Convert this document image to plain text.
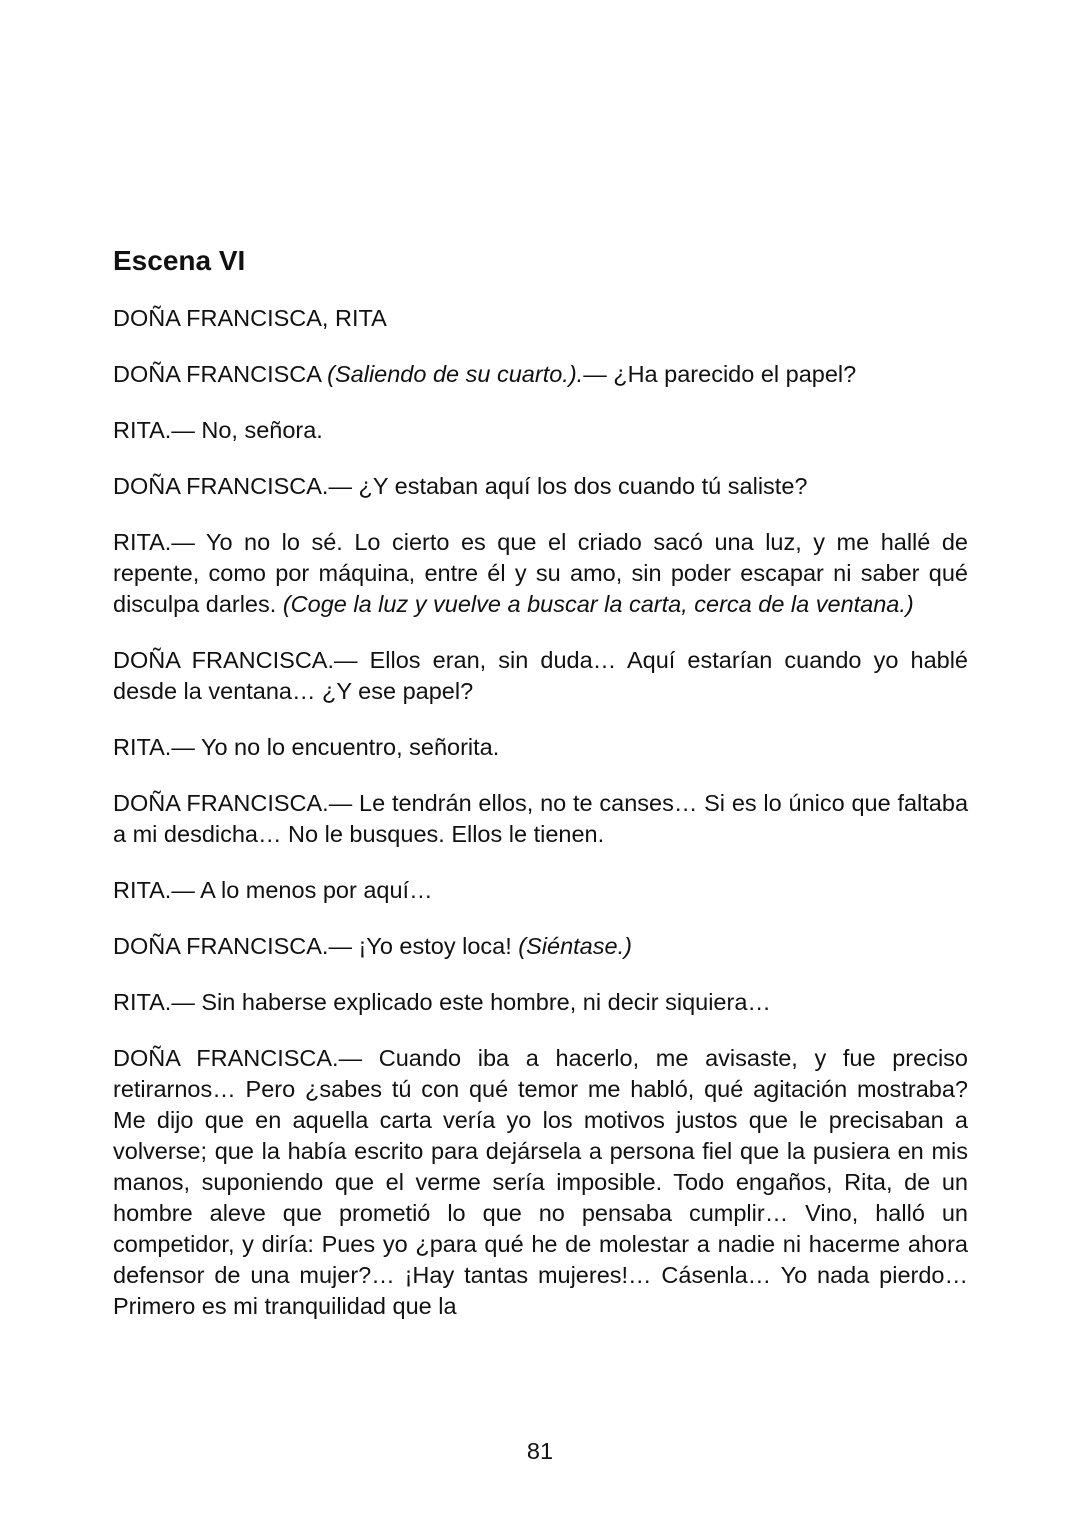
Escena VI

DOÑA FRANCISCA, RITA

DOÑA FRANCISCA (Saliendo de su cuarto.).— ¿Ha parecido el papel?

RITA.— No, señora.

DOÑA FRANCISCA.— ¿Y estaban aquí los dos cuando tú saliste?

RITA.— Yo no lo sé. Lo cierto es que el criado sacó una luz, y me hallé de repente, como por máquina, entre él y su amo, sin poder escapar ni saber qué disculpa darles. (Coge la luz y vuelve a buscar la carta, cerca de la ventana.)

DOÑA FRANCISCA.— Ellos eran, sin duda… Aquí estarían cuando yo hablé desde la ventana… ¿Y ese papel?

RITA.— Yo no lo encuentro, señorita.

DOÑA FRANCISCA.— Le tendrán ellos, no te canses… Si es lo único que faltaba a mi desdicha… No le busques. Ellos le tienen.

RITA.— A lo menos por aquí…

DOÑA FRANCISCA.— ¡Yo estoy loca! (Siéntase.)

RITA.— Sin haberse explicado este hombre, ni decir siquiera…

DOÑA FRANCISCA.— Cuando iba a hacerlo, me avisaste, y fue preciso retirarnos… Pero ¿sabes tú con qué temor me habló, qué agitación mostraba? Me dijo que en aquella carta vería yo los motivos justos que le precisaban a volverse; que la había escrito para dejársela a persona fiel que la pusiera en mis manos, suponiendo que el verme sería imposible. Todo engaños, Rita, de un hombre aleve que prometió lo que no pensaba cumplir… Vino, halló un competidor, y diría: Pues yo ¿para qué he de molestar a nadie ni hacerme ahora defensor de una mujer?… ¡Hay tantas mujeres!… Cásenla… Yo nada pierdo… Primero es mi tranquilidad que la

81
